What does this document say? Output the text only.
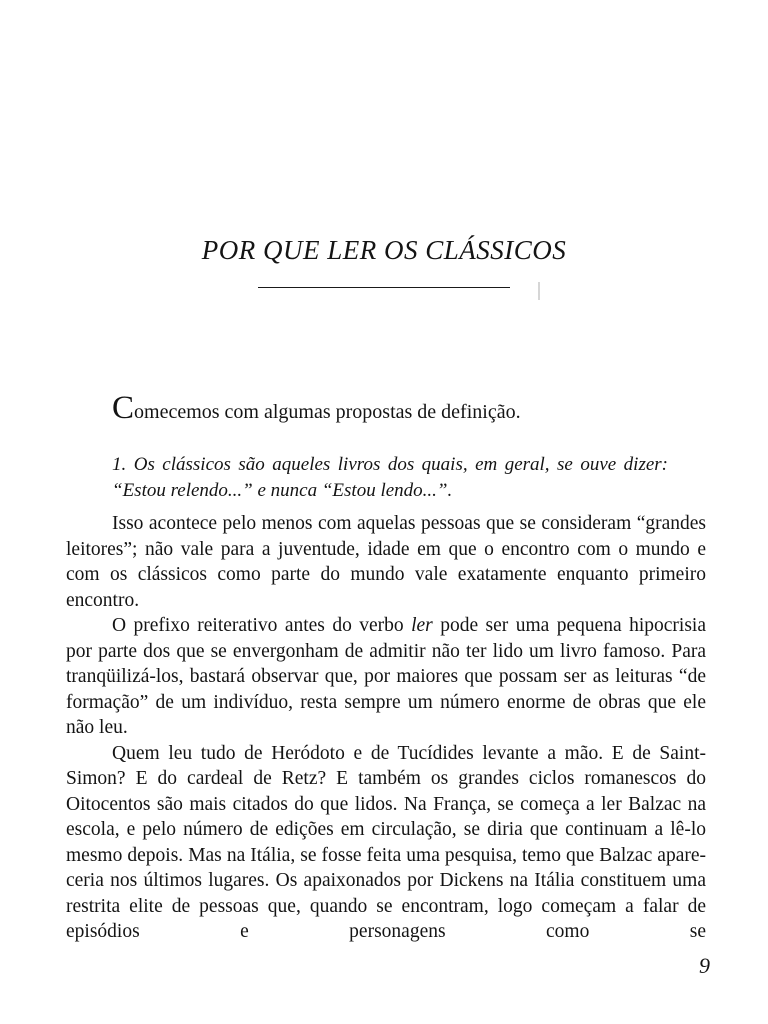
POR QUE LER OS CLÁSSICOS

Comecemos com algumas propostas de definição.

1. Os clássicos são aqueles livros dos quais, em geral, se ouve dizer: “Estou relendo...” e nunca “Estou lendo...”.

Isso acontece pelo menos com aquelas pessoas que se consideram “grandes leitores”; não vale para a juventude, idade em que o encontro com o mundo e com os clássicos como parte do mundo vale exatamente enquanto primeiro encontro.

O prefixo reiterativo antes do verbo ler pode ser uma pequena hipocrisia por parte dos que se envergonham de admitir não ter lido um livro famoso. Para tranqüilizá-los, bastará observar que, por maiores que possam ser as leituras “de formação” de um indivíduo, resta sempre um número enorme de obras que ele não leu.

Quem leu tudo de Heródoto e de Tucídides levante a mão. E de Saint-Simon? E do cardeal de Retz? E também os grandes ciclos romanescos do Oitocentos são mais citados do que lidos. Na França, se começa a ler Balzac na escola, e pelo número de edições em circulação, se diria que continuam a lê-lo mesmo depois. Mas na Itália, se fosse feita uma pesquisa, temo que Balzac apareceria nos últimos lugares. Os apaixonados por Dickens na Itália constituem uma restrita elite de pessoas que, quando se encontram, logo começam a falar de episódios e personagens como se

9
